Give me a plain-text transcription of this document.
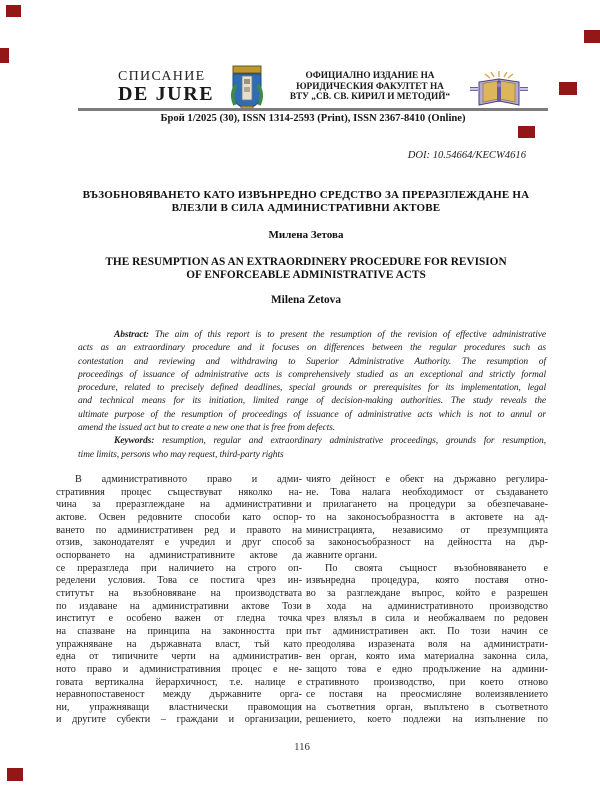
СПИСАНИЕ
DE JURE
ОФИЦИАЛНО ИЗДАНИЕ НА
ЮРИДИЧЕСКИЯ ФАКУЛТЕТ НА
ВТУ „СВ. СВ. КИРИЛ И МЕТОДИЙ“
Брой 1/2025 (30), ISSN 1314-2593 (Print), ISSN 2367-8410 (Online)
DOI: 10.54664/KECW4616
ВЪЗОБНОВЯВАНЕТО КАТО ИЗВЪНРЕДНО СРЕДСТВО ЗА ПРЕРАЗГЛЕЖДАНЕ НА
ВЛЕЗЛИ В СИЛА АДМИНИСТРАТИВНИ АКТОВЕ
Милена Зетова
THE RESUMPTION AS AN EXTRAORDINERY PROCEDURE FOR REVISION
OF ENFORCEABLE ADMINISTRATIVE ACTS
Milena Zetova
Abstract: The aim of this report is to present the resumption of the revision of effective administrative
acts as an extraordinary procedure and it focuses on differences between the regular procedures such as
contestation and reviewing and withdrawing to Superior Administrative Authority. The resumption of
proceedings of issuance of administrative acts is comprehensively studied as an exceptional and strictly formal
procedure, related to precisely defined deadlines, special grounds or prerequisites for its implementation, legal
and technical means for its initiation, limited range of decision-making authorities. The study reveals the
ultimate purpose of the resumption of proceedings of issuance of administrative acts which is not to annul or
amend the issued act but to create a new one that is free from defects.
Keywords: resumption, regular and extraordinary administrative proceedings, grounds for resumption,
time limits, persons who may request, third-party rights
В административното право и адми-
стративния процес съществуват няколко на-
чина за преразглеждане на административни
актове. Освен редовните способи като оспор-
ването по административен ред и правото на
отзив, законодателят е учредил и друг способ
оспорването на административните актове да
се преразгледа при наличието на строго оп-
ределени условия. Това се постига чрез ин-
ститутът на възобновяване на производствата
по издаване на административни актове Този
институт е особено важен от гледна точка
на спазване на принципа на законността при
упражняване на държавната власт, тъй като
една от типичните черти на административ-
ното право и административния процес е не-
говата вертикална йерархичност, т.е. налице е
неравнопоставеност между държавните орга-
ни, упражняващи властнически правомощия
и другите субекти – граждани и организации,
чиято дейност е обект на държавно регулира-
не. Това налага необходимост от създаването
и прилагането на процедури за обезпечаване-
то на законосъобразността в актовете на ад-
министрацията, независимо от презумпцията
за законосъобразност на дейността на дър-
жавните органи.
По своята същност възобновяването е
извънредна процедура, която поставя отно-
во за разглеждане въпрос, който е разрешен
в хода на административното производство
чрез влязъл в сила и необжалваем по редовен
път административен акт. По този начин се
преодолява изразената воля на администрати-
вен орган, която има материална законна сила,
защото това е едно продължение на админи-
стративното производство, при което отново
се поставя на преосмисляне волеизявлението
на съответния орган, въплътено в съответното
решението, което подлежи на изпълнение по
116
